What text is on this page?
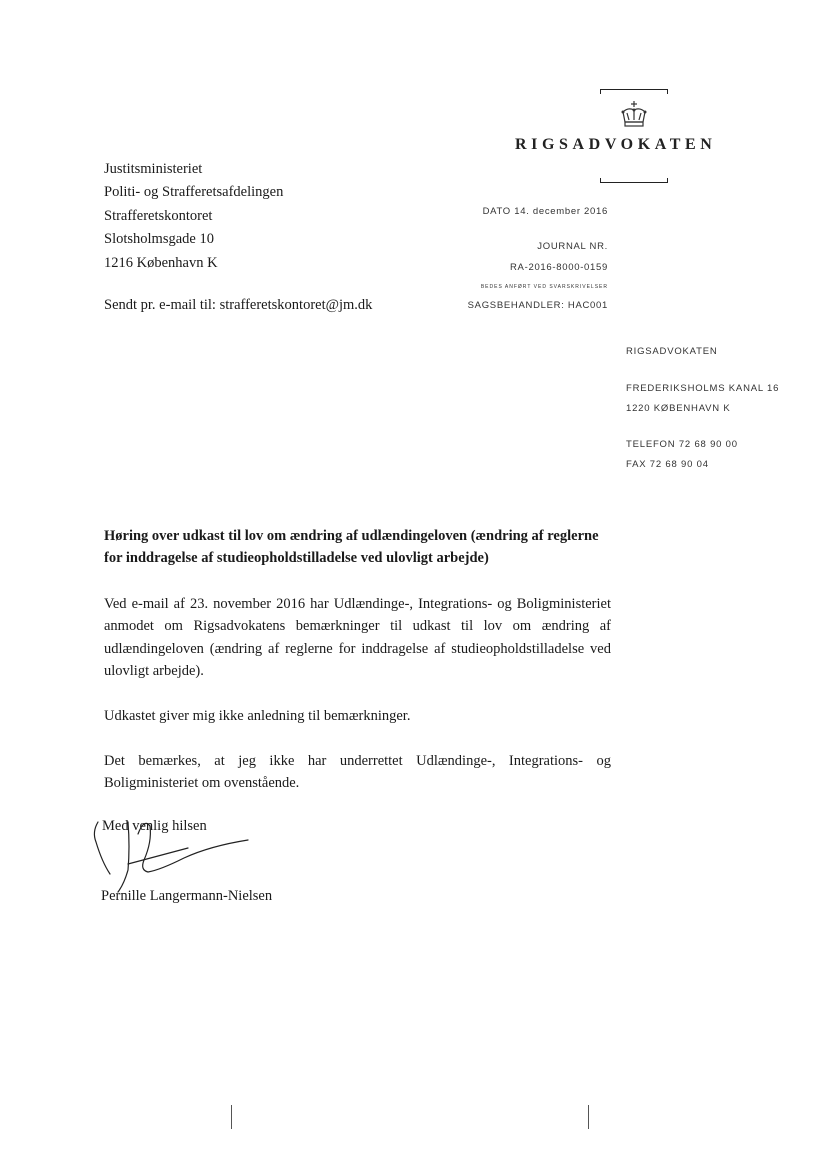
RIGSADVOKATEN
Justitsministeriet
Politi- og Strafferetsafdelingen
Strafferetskontoret
Slotsholmsgade 10
1216 København K
Sendt pr. e-mail til: strafferetskontoret@jm.dk
DATO 14. december 2016
JOURNAL NR.
RA-2016-8000-0159
BEDES ANFØRT VED SVARSKRIVELSER
SAGSBEHANDLER: HAC001
RIGSADVOKATEN
FREDERIKSHOLMS KANAL 16
1220 KØBENHAVN K
TELEFON 72 68 90 00
FAX 72 68 90 04
Høring over udkast til lov om ændring af udlændingeloven (ændring af reglerne for inddragelse af studieopholdstilladelse ved ulovligt arbejde)
Ved e-mail af 23. november 2016 har Udlændinge-, Integrations- og Boligministeriet anmodet om Rigsadvokatens bemærkninger til udkast til lov om ændring af udlændingeloven (ændring af reglerne for inddragelse af studieopholdstilladelse ved ulovligt arbejde).
Udkastet giver mig ikke anledning til bemærkninger.
Det bemærkes, at jeg ikke har underrettet Udlændinge-, Integrations- og Boligministeriet om ovenstående.
Med venlig hilsen
Pernille Langermann-Nielsen
